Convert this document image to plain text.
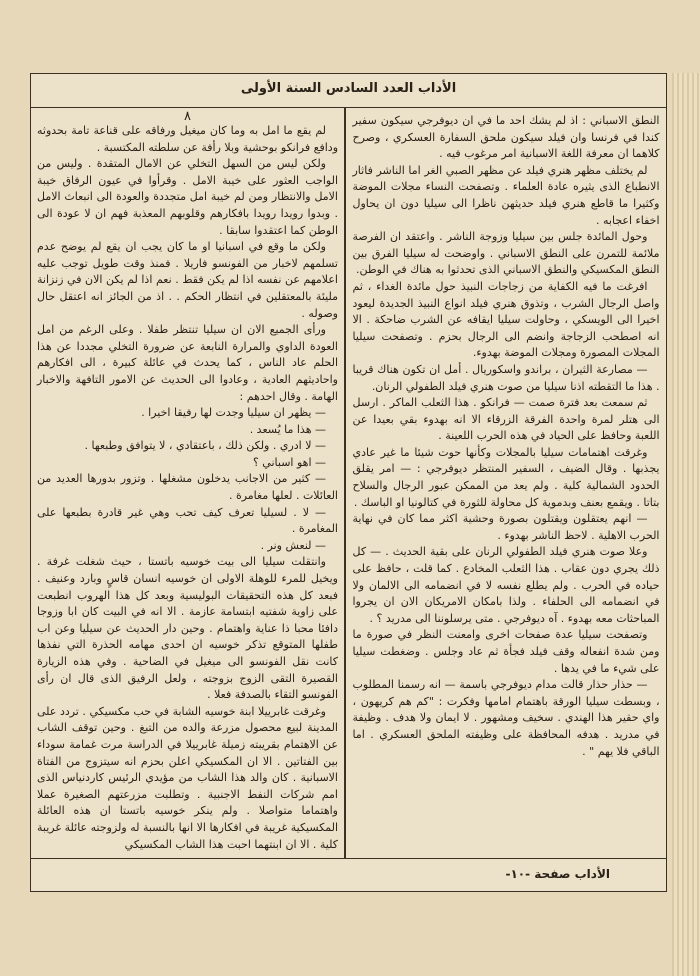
الأداب العدد السادس السنة الأولى

٨

لم يقع ما امل به وما كان ميغيل ورفاقه على قناعة تامة بحدوثه ودافع فرانكو بوحشية وبلا رأفة عن سلطته المكتسبة .

ولكن ليس من السهل التخلي عن الامال المتقدة . وليس من الواجب العثور على خيبة الامل . وقرأوا في عيون الرفاق خيبة الامل والانتظار ومن لم خيبة امل متجددة والعودة الى انبعاث الامل . وبدوا رويدا رويدا بافكارهم وقلوبهم المعذبة فهم ان لا عودة الى الوطن كما اعتقدوا سابقا .

ولكن ما وقع في اسبانيا او ما كان يجب ان يقع لم يوضح عدم تسلمهم لاخبار من الفونسو فاريلا . فمنذ وقت طويل توجب عليه اعلامهم عن نفسه اذا لم يكن فقط . نعم اذا لم يكن الان في زنزانة مليئة بالمعتقلين في انتظار الحكم . . اذ من الجائز انه اعتقل حال وصوله .

ورأى الجميع الان ان سيليا تنتظر طفلا . وعلى الرغم من امل العودة الداوي والمرارة النابعة عن ضرورة التخلي مجددا عن هذا الحلم عاد الناس ، كما يحدث في عائلة كبيرة ، الى افكارهم واحاديثهم العادية ، وعادوا الى الحديث عن الامور التافهة والاخبار الهامة . وقال احدهم :

— يظهر ان سيليا وجدت لها رفيقا اخيرا .

— هذا ما يُسعد .

— لا ادري . ولكن ذلك ، باعتقادي ، لا يتوافق وطبعها .

— اهو اسباني ؟

— كثير من الاجانب يدخلون مشغلها . وتزور بدورها العديد من العائلات . لعلها مغامرة .

— لا . لسيليا تعرف كيف تحب وهي غير قادرة بطبعها على المغامرة .

— لنعش ونر .

وانتقلت سيليا الى بيت خوسيه باتستا ، حيث شغلت غرفة . ويخيل للمرء للوهلة الاولى ان خوسيه انسان قاسٍ وبارد وعنيف . فبعد كل هذه التحقيقات البوليسية وبعد كل هذا الهروب انطبعت على زاوية شفتيه ابتسامة عازمة . الا انه في البيت كان ابا وزوجا دافئا محبا ذا عناية واهتمام . وحين دار الحديث عن سيليا وعن اب طفلها المتوقع تذكر خوسيه ان احدى مهامه الحذرة التي نفذها كانت نقل الفونسو الى ميغيل في الضاحية . وفي هذه الزيارة القصيرة التقى الزوج بزوجته ، ولعل الرفيق الذى قال ان رأى الفونسو التقاء بالصدفة فعلا .

وغرقت غابرييلا ابنة خوسيه الشابة في حب مكسيكي . تردد على المدينة لبيع محصول مزرعة والده من التبغ . وحين توقف الشاب عن الاهتمام بقريبته زميلة غابرييلا في الدراسة مرت غمامة سوداء بين الفتاتين . الا ان المكسيكي اعلن بحزم انه سيتزوج من الفتاة الاسبانية . كان والد هذا الشاب من مؤيدي الرئيس كاردنياس الذى امم شركات النفط الاجنبية . وتطلبت مزرعتهم الصغيرة عملا واهتماما متواصلا . ولم ينكر خوسيه باتستا ان هذه العائلة المكسيكية غريبة في افكارها الا انها بالنسبة له ولزوجته عائلة غريبة كلية . الا ان ابنتهما احبت هذا الشاب المكسيكي

النطق الاسباني : اذ لم يشك احد ما في ان ديوفرجي سيكون سفير كندا في فرنسا وان فيلد سيكون ملحق السفارة العسكري ، وصرح كلاهما ان معرفة اللغة الاسبانية امر مرغوب فيه .

لم يختلف مظهر هنري فيلد عن مظهر الصبي الغر اما الناشر فاثار الانطباع الذى يثيره عادة العلماء . وتصفحت النساء مجلات الموضة وكثيرا ما قاطع هنري فيلد حديثهن ناظرا الى سيليا دون ان يحاول اخفاء اعجابه .

وحول المائدة جلس بين سيليا وزوجة الناشر . واعتقد ان الفرصة ملائمة للتمرن على النطق الاسباني . واوضحت له سيليا الفرق بين النطق المكسيكي والنطق الاسباني الذى تحدثوا به هناك في الوطن.

افرغت ما فيه الكفاية من زجاجات النبيذ حول مائدة الغداء ، ثم واصل الرجال الشرب ، وتذوق هنري فيلد انواع النبيذ الجديدة ليعود اخيرا الى الويسكي ، وحاولت سيليا ايقافه عن الشرب ضاحكة . الا انه اصطحب الزجاجة وانضم الى الرجال بحزم . وتصفحت سيليا المجلات المصورة ومجلات الموضة بهدوء.

— مصارعة الثيران ، براندو واسكوريال . أمل ان تكون هناك قريبا . هذا ما التقطته اذنا سيليا من صوت هنري فيلد الطفولي الرنان.

ثم سمعت بعد فترة صمت — فرانكو . هذا الثعلب الماكر . ارسل الى هتلر لمرة واحدة الفرقة الزرقاء الا انه بهدوء بقي بعيدا عن اللعبة وحافظ على الحياد في هذه الحرب اللعينة .

وغرقت اهتمامات سيليا بالمجلات وكأنها حوت شيئا ما غير عادي يجذبها . وقال الضيف ، السفير المنتظر ديوفرجي : — امر يقلق الحدود الشمالية كلية . ولم يعد من الممكن عبور الرجال والسلاح بتاتا . ويقمع بعنف وبدموية كل محاولة للثورة في كتالونيا او الباسك .

— انهم يعتقلون ويقتلون بصورة وحشية اكثر مما كان في نهاية الحرب الاهلية . لاحظ الناشر بهدوء .

وعلا صوت هنري فيلد الطفولي الرنان على بقية الحديث . — كل ذلك يجري دون عقاب . هذا الثعلب المخادع . كما قلت ، حافظ على حياده في الحرب . ولم يطلع نفسه لا في انضمامه الى الالمان ولا في انضمامه الى الحلفاء . ولذا بامكان الامريكان الان ان يجروا المباحثات معه بهدوء . آه ديوفرجي . متى يرسلوننا الى مدريد ؟ .

وتصفحت سيليا عدة صفحات اخرى وامعنت النظر في صورة ما ومن شدة انفعاله وقف فيلد فجأة ثم عاد وجلس . وضغطت سيليا على شيء ما في يدها .

— حذار حذار قالت مدام ديوفرجي باسمة — انه رسمنا المطلوب ، وبسطت سيليا الورقة باهتمام امامها وفكرت : "كم هم كريهون ، واي حقير هذا الهندي . سخيف ومشهور . لا ايمان ولا هدف . وظيفة في مدريد . هدفه المحافظة على وظيفته الملحق العسكري . اما الباقي فلا يهم " .

الأداب صفحة -١٠-
